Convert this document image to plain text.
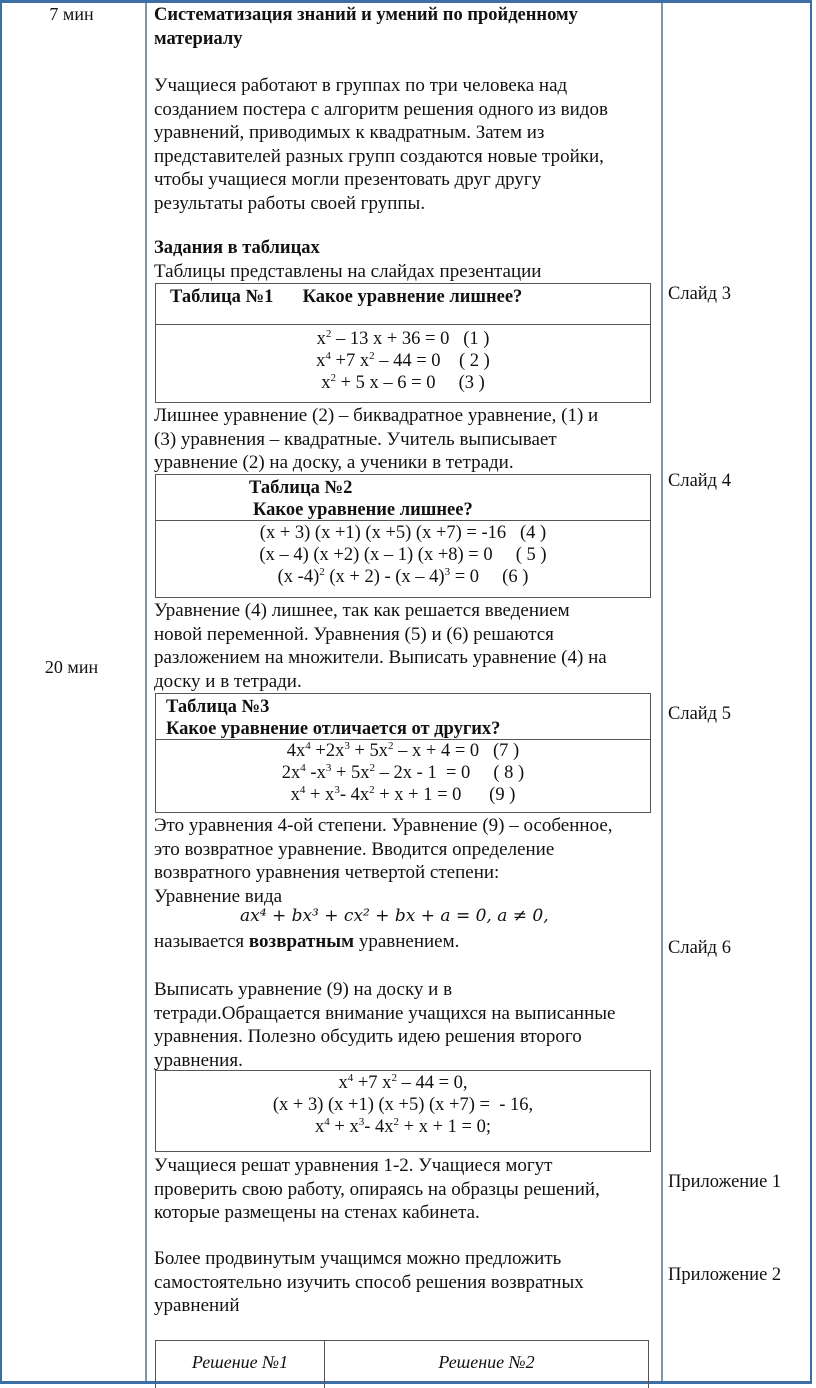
7 мин
20 мин
Систематизация знаний и умений по пройденному
материалу
Учащиеся работают в группах по три человека над
созданием постера с алгоритм решения одного из видов
уравнений, приводимых к квадратным. Затем из
представителей разных групп создаются новые тройки,
чтобы учащиеся могли презентовать друг другу
результаты работы своей группы.
Задания в таблицах
Таблицы представлены на слайдах презентации
Таблица №1 Какое уравнение лишнее?
$x^2 - 13$ x + 36 = 0   (1 )
$x^4 +7$ $x^2 - 44 = 0$    ( 2 )
$x^2 + 5$ x – 6 = 0     (3 )
Лишнее уравнение (2) – биквадратное уравнение, (1) и
(3) уравнения – квадратные. Учитель выписывает
уравнение (2) на доску, а ученики в тетради.
Таблица №2
Какое уравнение лишнее?
(x + 3) (x +1) (x +5) (x +7) = -16   (4 )
(x – 4) (x +2) (x – 1) (x +8) = 0     ( 5 )
(x -4)$^2$ (x + 2) - (x – 4)$^3$ = 0     (6 )
Уравнение (4) лишнее, так как решается введением
новой переменной. Уравнения (5) и (6) решаются
разложением на множители. Выписать уравнение (4) на
доску и в тетради.
Таблица №3
Какое уравнение отличается от других?
$4x^4 +2x^3 + 5x^2 - x + 4 = 0$   (7 )
$2x^4$ $-x^3 + 5x^2 - 2x - 1 = 0$     ( 8 )
$x^4 + x^3-$ $4x^2 + x + 1 = 0$      (9 )
Это уравнения 4-ой степени. Уравнение (9) – особенное,
это возвратное уравнение. Вводится определение
возвратного уравнения четвертой степени:
Уравнение вида
ax⁴ + bx³ + cx² + bx + a = 0, a ≠ 0,
называется возвратным уравнением.
Выписать уравнение (9) на доску и в
тетради.Обращается внимание учащихся на выписанные
уравнения. Полезно обсудить идею решения второго
уравнения.
$x^4 +7$ $x^2 - 44 = 0$,
(x + 3) (x +1) (x +5) (x +7) =  - 16,
$x^4 + x^3-$ $4x^2 + x + 1 = 0$;
Учащиеся решат уравнения 1-2. Учащиеся могут
проверить свою работу, опираясь на образцы решений,
которые размещены на стенах кабинета.
Более продвинутым учащимся можно предложить
самостоятельно изучить способ решения возвратных
уравнений
Решение №1	Решение №2
Слайд 3
Слайд 4
Слайд 5
Слайд 6
Приложение 1
Приложение 2
